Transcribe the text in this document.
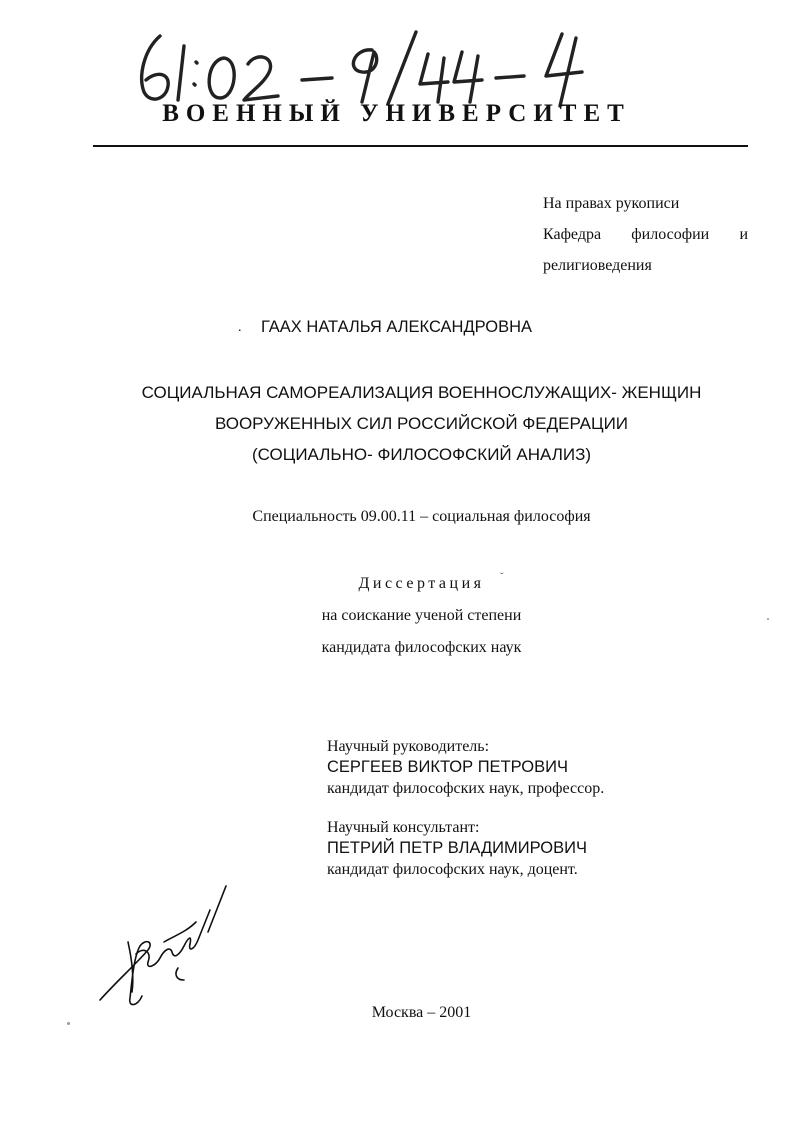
ВОЕННЫЙ УНИВЕРСИТЕТ
На правах рукописи
Кафедра философии и
религиоведения
.	ГААХ НАТАЛЬЯ АЛЕКСАНДРОВНА
СОЦИАЛЬНАЯ САМОРЕАЛИЗАЦИЯ ВОЕННОСЛУЖАЩИХ- ЖЕНЩИН
ВООРУЖЕННЫХ СИЛ РОССИЙСКОЙ ФЕДЕРАЦИИ
(СОЦИАЛЬНО- ФИЛОСОФСКИЙ АНАЛИЗ)
Специальность 09.00.11 – социальная философия
Диссертация	ˇ
на соискание ученой степени
кандидата философских наук
Научный руководитель:
СЕРГЕЕВ ВИКТОР ПЕТРОВИЧ
кандидат философских наук, профессор.
Научный консультант:
ПЕТРИЙ ПЕТР ВЛАДИМИРОВИЧ
кандидат философских наук, доцент.
Москва – 2001
